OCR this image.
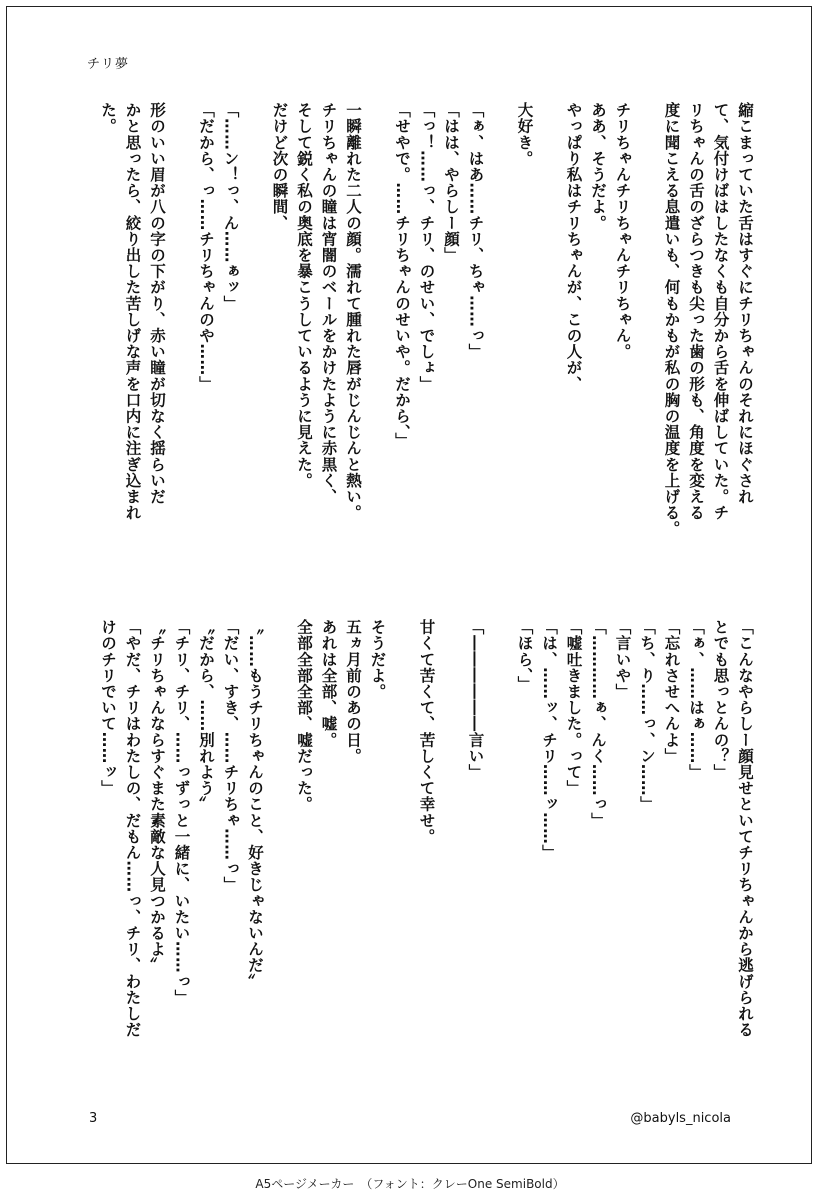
チリ夢
縮こまっていた舌はすぐにチリちゃんのそれにほぐされ
て、気付けばはしたなくも自分から舌を伸ばしていた。チ
リちゃんの舌のざらつきも尖った歯の形も、角度を変える
度に聞こえる息遣いも、何もかもが私の胸の温度を上げる。

チリちゃんチリちゃんチリちゃん。
ああ、そうだよ。
やっぱり私はチリちゃんが、この人が、

大好き。

「ぁ、はあ……チリ、ちゃ……っ」
「はは、やらしー顔」
「っ！……っ、チリ、のせい、でしょ」
「せやで。……チリちゃんのせいや。だから、」

一瞬離れた二人の顔。濡れて腫れた唇がじんじんと熱い。
チリちゃんの瞳は宵闇のベールをかけたように赤黒く、
そして鋭く私の奥底を暴こうしているように見えた。
だけど次の瞬間、

「……ン！っ、ん……ぁッ」
「だから、っ……チリちゃんのや……」

形のいい眉が八の字の下がり、赤い瞳が切なく揺らいだ
かと思ったら、絞り出した苦しげな声を口内に注ぎ込まれ
た。
「こんなやらしー顔見せといてチリちゃんから逃げられる
とでも思っとんの？」
「ぁ、……はぁ……」
「忘れさせへんよ」
「ち、り……っ、ン……」
「言いや」
「…………ぁ、んく……っ」
「嘘吐きました。って」
「は、……ッ、チリ……ッ……」
「ほら、」

「――――――言い」

甘くて苦くて、苦しくて幸せ。

そうだよ。
五ヵ月前のあの日。
あれは全部、嘘。
全部全部全部、嘘だった。

〝……もうチリちゃんのこと、好きじゃないんだ〟
「だい、すき、……チリちゃ……っ」
〝だから、……別れよう〟
「チリ、チリ、……っずっと一緒に、いたい……っ」
〝チリちゃんならすぐまた素敵な人見つかるよ〟
「やだ、チリはわたしの、だもん……っ、チリ、わたしだ
けのチリでいて……ッ」
3	@babyls_nicola
A5ページメーカー　（フォント：クレーOne SemiBold）
